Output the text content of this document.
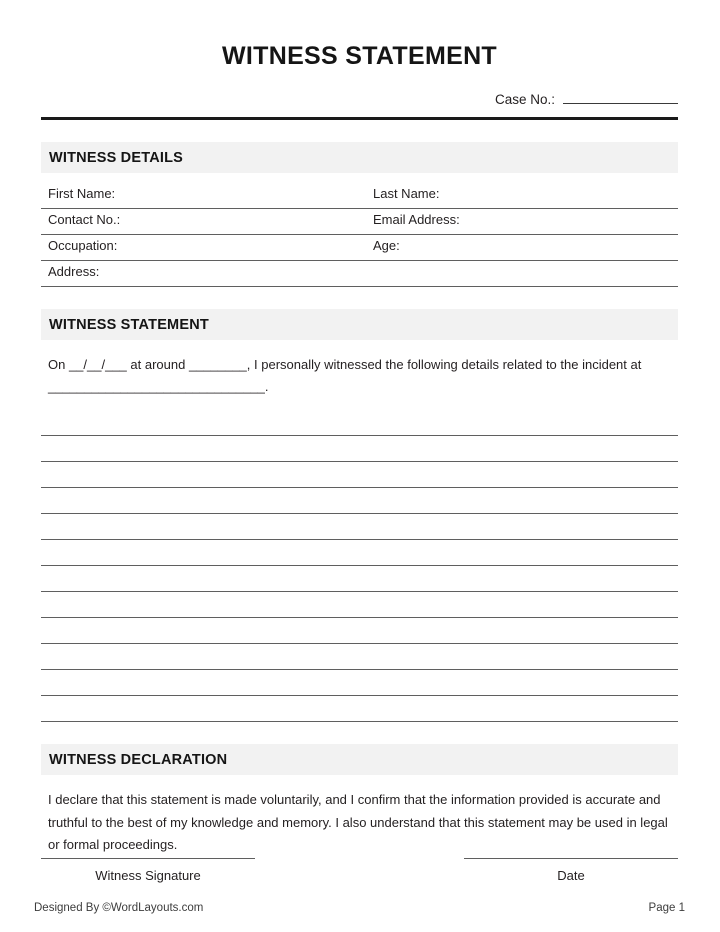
WITNESS STATEMENT
Case No.:
WITNESS DETAILS
First Name:	Last Name:
Contact No.:	Email Address:
Occupation:	Age:
Address:
WITNESS STATEMENT
On __/__/___ at around ________, I personally witnessed the following details related to the incident at
______________________________.
WITNESS DECLARATION
I declare that this statement is made voluntarily, and I confirm that the information provided is accurate and truthful to the best of my knowledge and memory. I also understand that this statement may be used in legal or formal proceedings.
Witness Signature	Date
Designed By ©WordLayouts.com	Page 1
